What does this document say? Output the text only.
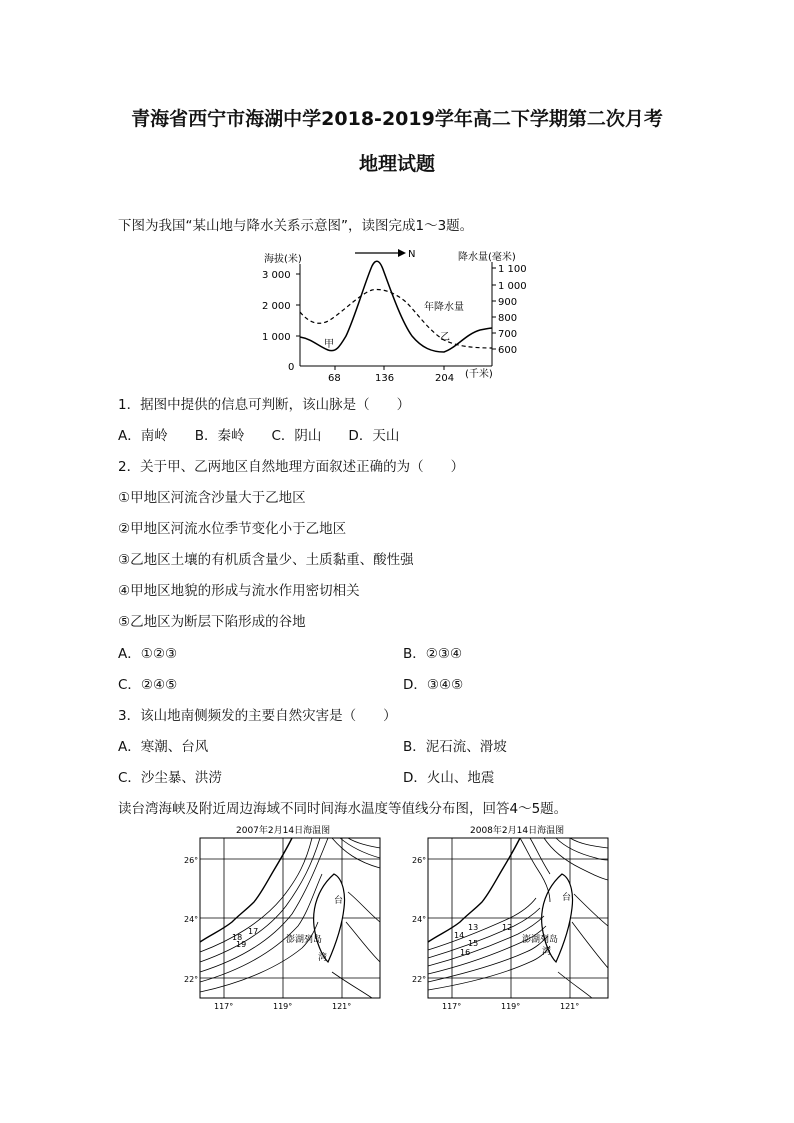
青海省西宁市海湖中学2018-2019学年高二下学期第二次月考
地理试题
下图为我国“某山地与降水关系示意图”，读图完成1～3题。
海拔(米)	降水量(毫米)
N
3 000
2 000
1 000
0
1 100
1 000
900
800
700
600
68	136	204 (千米)
甲
乙
年降水量
1．据图中提供的信息可判断，该山脉是（　　）
A．南岭　　B．秦岭　　C．阴山　　D．天山
2．关于甲、乙两地区自然地理方面叙述正确的为（　　）
①甲地区河流含沙量大于乙地区
②甲地区河流水位季节变化小于乙地区
③乙地区土壤的有机质含量少、土质黏重、酸性强
④甲地区地貌的形成与流水作用密切相关
⑤乙地区为断层下陷形成的谷地
A．①②③	B．②③④
C．②④⑤	D．③④⑤
3．该山地南侧频发的主要自然灾害是（　　）
A．寒潮、台风	B．泥石流、滑坡
C．沙尘暴、洪涝	D．火山、地震
读台湾海峡及附近周边海域不同时间海水温度等值线分布图，回答4～5题。
2007年2月14日海温图
17
18
19
台
澎湖列岛
湾
26°
24°
22°
117°	119°	121°
2008年2月14日海温图
13	12
14
15
16
台
澎湖列岛
湾
26°
24°
22°
117°	119°	121°
